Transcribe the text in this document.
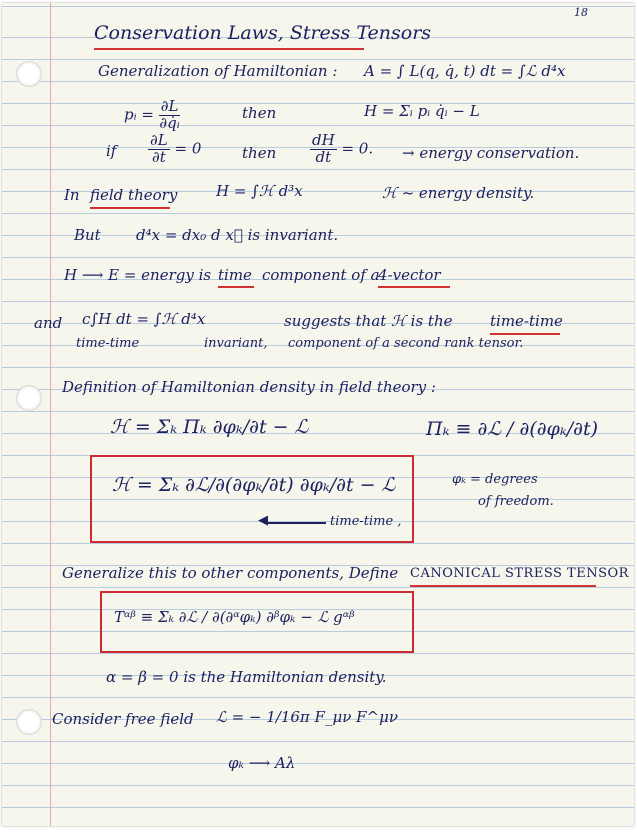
18
Conservation Laws, Stress Tensors
Generalization of Hamiltonian : A = ∫ L(q, q̇, t) dt = ∫ℒ d⁴x
pᵢ = $\frac{\partial L}{\text{∂q̇ᵢ}}$	then	H = Σᵢ pᵢ q̇ᵢ − L
if $\frac{\partial L}{\partial t} = 0$	then $\frac{dH}{dt} = 0$. → energy conservation.
In field theory	H = ∫ℋ d³x	ℋ ~ energy density.
But d⁴x = dx₀ d x⃗ is invariant.
H ⟶ E = energy is time component of a
4-vector
and c∫H dt = ∫ℋ d⁴x	suggests that ℋ is the	time-time
time-time	invariant, component of a second rank tensor.
Definition of Hamiltonian density in field theory :
ℋ = Σₖ Πₖ ∂φₖ/∂t − ℒ	Πₖ ≡ ∂ℒ / ∂(∂φₖ/∂t)
ℋ = Σₖ ∂ℒ/∂(∂φₖ/∂t) ∂φₖ/∂t − ℒ
◀	time-time ,
φₖ = degrees
of freedom.
Generalize this to other components, Define CANONICAL STRESS TENSOR
Tᵅᵝ ≡ Σₖ ∂ℒ / ∂(∂ᵅφₖ) ∂ᵝφₖ − ℒ gᵅᵝ
α = β = 0 is the Hamiltonian density.
Consider free field ℒ = − 1/16π F_μν F^μν
φₖ ⟶ Aλ
